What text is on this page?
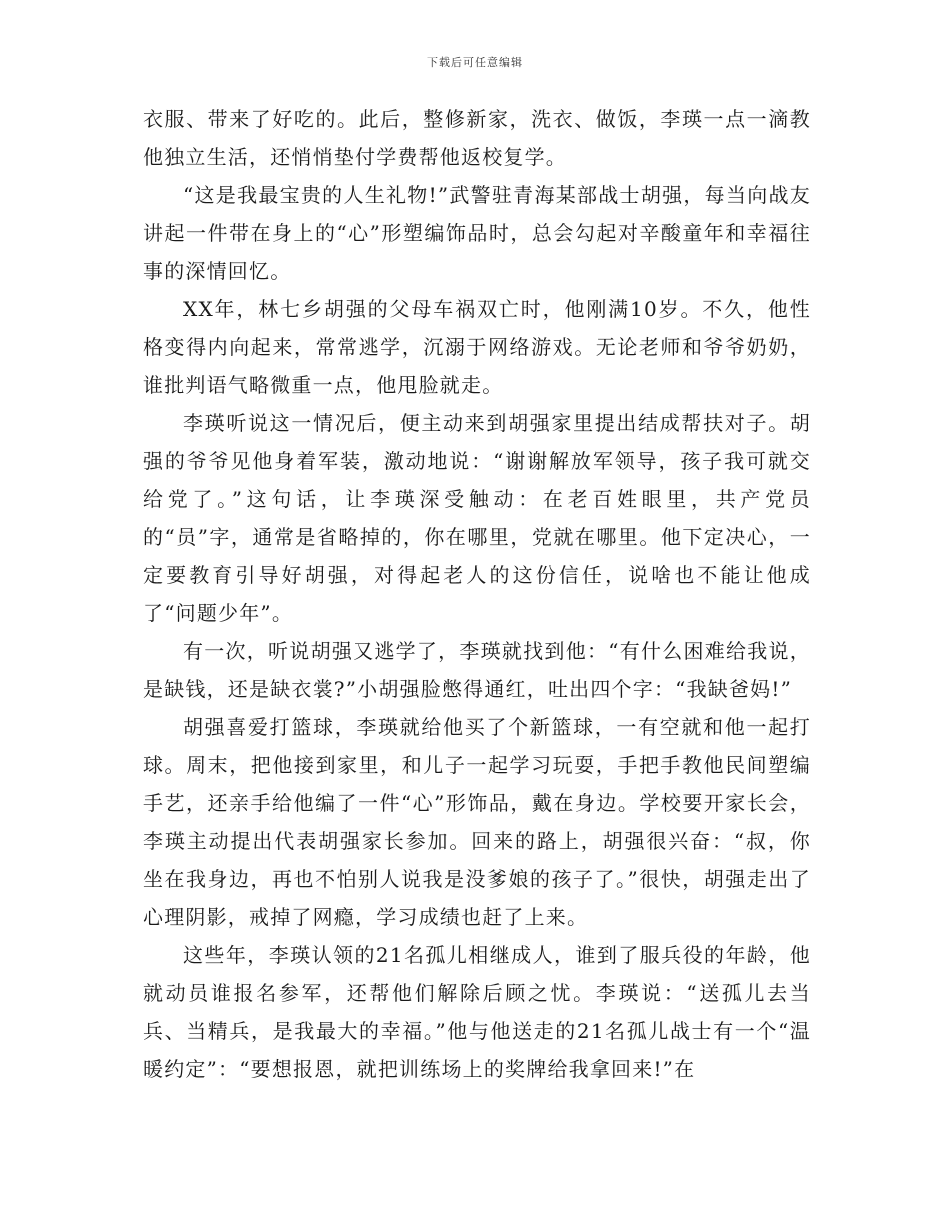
下载后可任意编辑

衣服、带来了好吃的。此后，整修新家，洗衣、做饭，李瑛一点一滴教他独立生活，还悄悄垫付学费帮他返校复学。

“这是我最宝贵的人生礼物!”武警驻青海某部战士胡强，每当向战友讲起一件带在身上的“心”形塑编饰品时，总会勾起对辛酸童年和幸福往事的深情回忆。

XX年，林七乡胡强的父母车祸双亡时，他刚满10岁。不久，他性格变得内向起来，常常逃学，沉溺于网络游戏。无论老师和爷爷奶奶，谁批判语气略微重一点，他甩脸就走。

李瑛听说这一情况后，便主动来到胡强家里提出结成帮扶对子。胡强的爷爷见他身着军装，激动地说：“谢谢解放军领导，孩子我可就交给党了。”这句话，让李瑛深受触动：在老百姓眼里，共产党员的“员”字，通常是省略掉的，你在哪里，党就在哪里。他下定决心，一定要教育引导好胡强，对得起老人的这份信任，说啥也不能让他成了“问题少年”。

有一次，听说胡强又逃学了，李瑛就找到他：“有什么困难给我说，是缺钱，还是缺衣裳?”小胡强脸憋得通红，吐出四个字：“我缺爸妈!”

胡强喜爱打篮球，李瑛就给他买了个新篮球，一有空就和他一起打球。周末，把他接到家里，和儿子一起学习玩耍，手把手教他民间塑编手艺，还亲手给他编了一件“心”形饰品，戴在身边。学校要开家长会，李瑛主动提出代表胡强家长参加。回来的路上，胡强很兴奋：“叔，你坐在我身边，再也不怕别人说我是没爹娘的孩子了。”很快，胡强走出了心理阴影，戒掉了网瘾，学习成绩也赶了上来。

这些年，李瑛认领的21名孤儿相继成人，谁到了服兵役的年龄，他就动员谁报名参军，还帮他们解除后顾之忧。李瑛说：“送孤儿去当兵、当精兵，是我最大的幸福。”他与他送走的21名孤儿战士有一个“温暖约定”：“要想报恩，就把训练场上的奖牌给我拿回来!”在
